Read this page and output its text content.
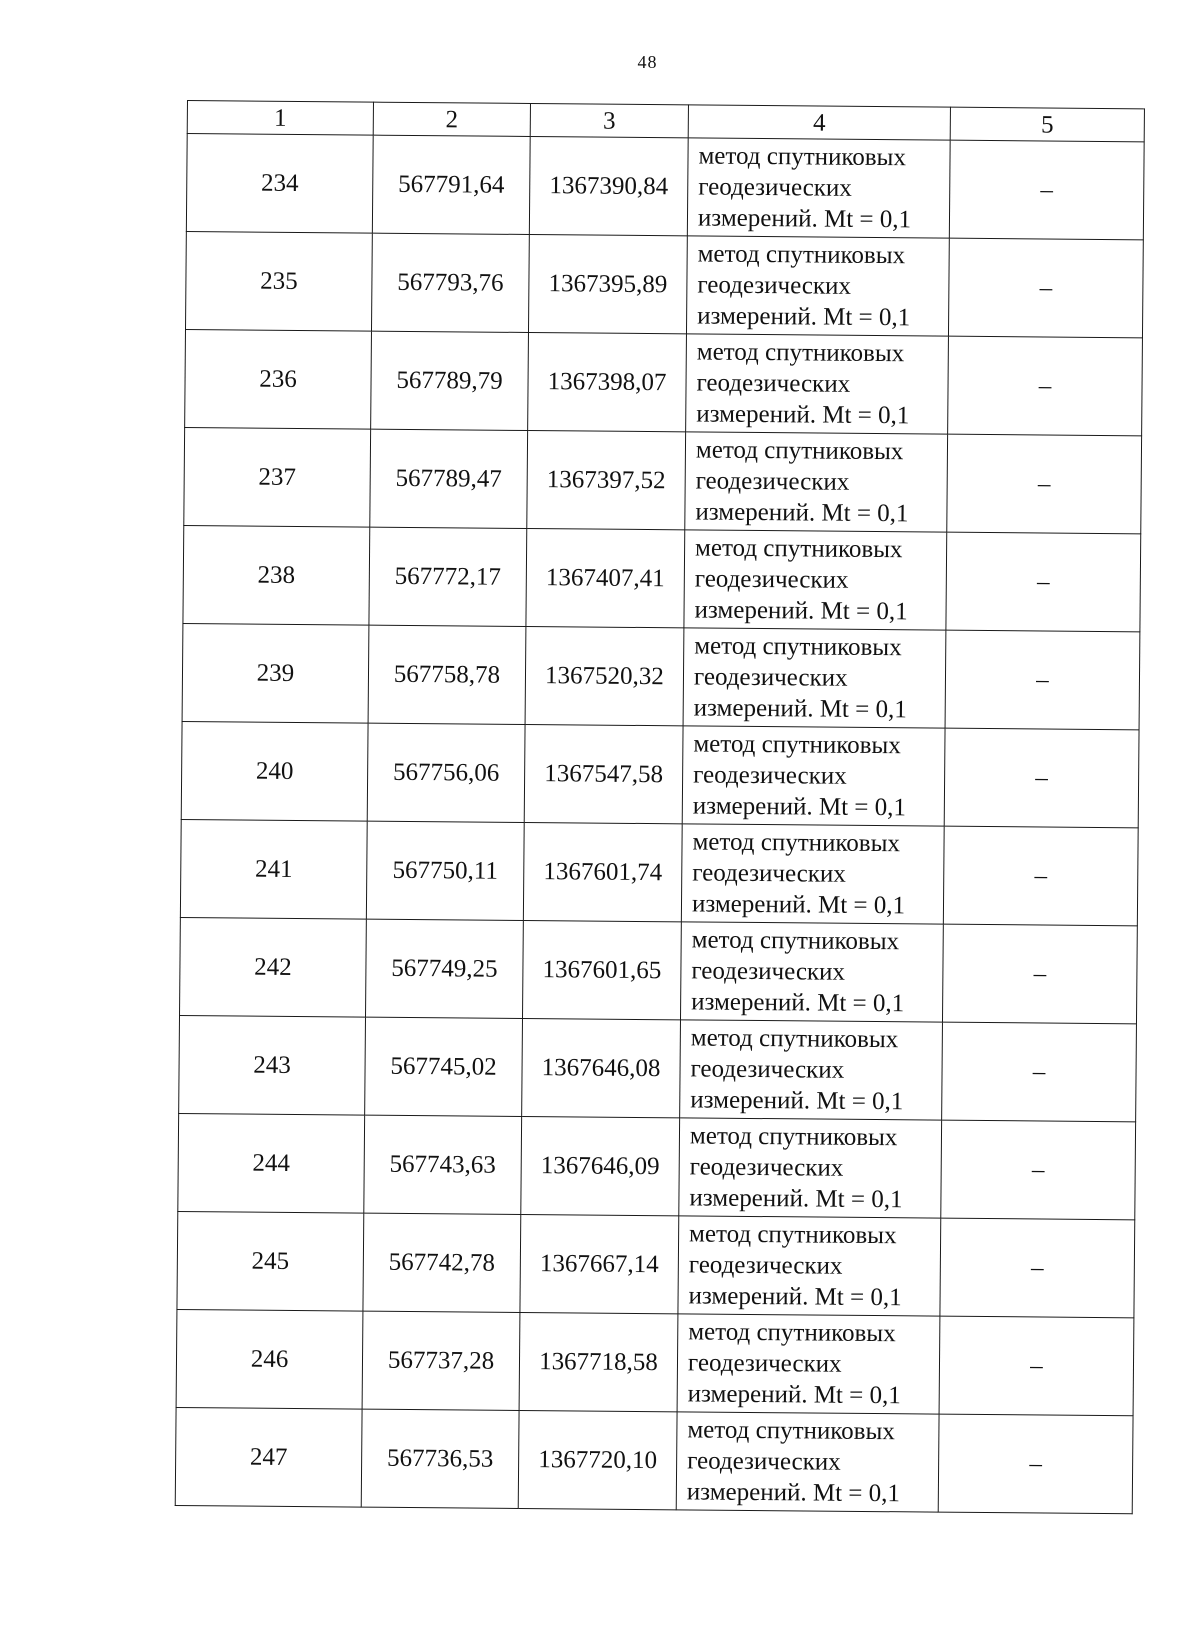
48
1	2	3	4	5
234	567791,64	1367390,84	метод спутниковых
геодезических
измерений. Mt = 0,1	–
235	567793,76	1367395,89	метод спутниковых
геодезических
измерений. Mt = 0,1	–
236	567789,79	1367398,07	метод спутниковых
геодезических
измерений. Mt = 0,1	–
237	567789,47	1367397,52	метод спутниковых
геодезических
измерений. Mt = 0,1	–
238	567772,17	1367407,41	метод спутниковых
геодезических
измерений. Mt = 0,1	–
239	567758,78	1367520,32	метод спутниковых
геодезических
измерений. Mt = 0,1	–
240	567756,06	1367547,58	метод спутниковых
геодезических
измерений. Mt = 0,1	–
241	567750,11	1367601,74	метод спутниковых
геодезических
измерений. Mt = 0,1	–
242	567749,25	1367601,65	метод спутниковых
геодезических
измерений. Mt = 0,1	–
243	567745,02	1367646,08	метод спутниковых
геодезических
измерений. Mt = 0,1	–
244	567743,63	1367646,09	метод спутниковых
геодезических
измерений. Mt = 0,1	–
245	567742,78	1367667,14	метод спутниковых
геодезических
измерений. Mt = 0,1	–
246	567737,28	1367718,58	метод спутниковых
геодезических
измерений. Mt = 0,1	–
247	567736,53	1367720,10	метод спутниковых
геодезических
измерений. Mt = 0,1	–
